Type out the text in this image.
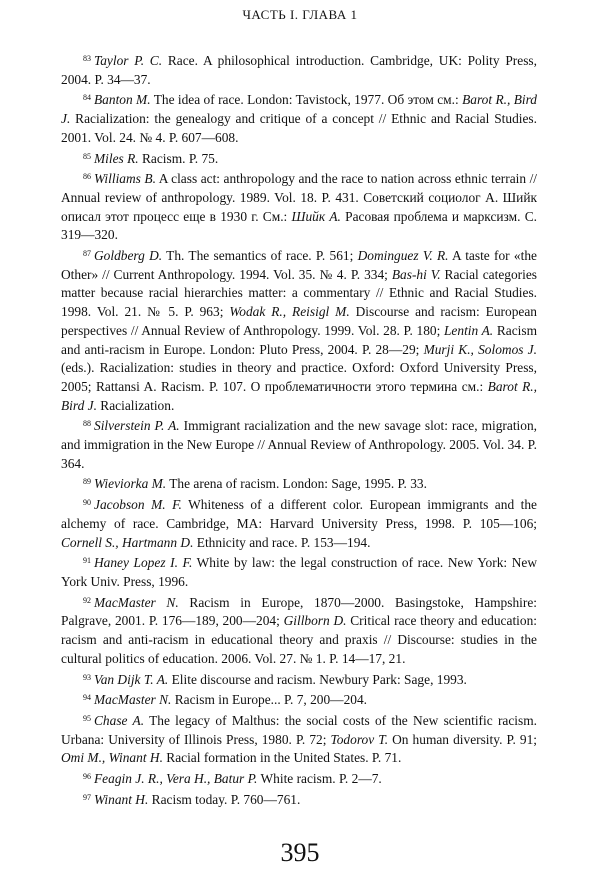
ЧАСТЬ I. ГЛАВА 1

$^{83}$ Taylor P. C. Race. A philosophical introduction. Cambridge, UK: Polity Press, 2004. P. 34—37.

$^{84}$ Banton M. The idea of race. London: Tavistock, 1977. Об этом см.: Barot R., Bird J. Racialization: the genealogy and critique of a concept // Ethnic and Racial Studies. 2001. Vol. 24. № 4. P. 607—608.

$^{85}$ Miles R. Racism. P. 75.

$^{86}$ Williams B. A class act: anthropology and the race to nation across ethnic terrain // Annual review of anthropology. 1989. Vol. 18. P. 431. Советский социолог А. Шийк описал этот процесс еще в 1930 г. См.: Шийк А. Расовая проблема и марксизм. С. 319—320.

$^{87}$ Goldberg D. Th. The semantics of race. P. 561; Dominguez V. R. A taste for «the Other» // Current Anthropology. 1994. Vol. 35. № 4. P. 334; Bas-hi V. Racial categories matter because racial hierarchies matter: a commentary // Ethnic and Racial Studies. 1998. Vol. 21. № 5. P. 963; Wodak R., Reisigl M. Discourse and racism: European perspectives // Annual Review of Anthropology. 1999. Vol. 28. P. 180; Lentin A. Racism and anti-racism in Europe. London: Pluto Press, 2004. P. 28—29; Murji K., Solomos J. (eds.). Racialization: studies in theory and practice. Oxford: Oxford University Press, 2005; Rattansi A. Racism. P. 107. О проблематичности этого термина см.: Barot R., Bird J. Racialization.

$^{88}$ Silverstein P. A. Immigrant racialization and the new savage slot: race, migration, and immigration in the New Europe // Annual Review of Anthropology. 2005. Vol. 34. P. 364.

$^{89}$ Wieviorka M. The arena of racism. London: Sage, 1995. P. 33.

$^{90}$ Jacobson M. F. Whiteness of a different color. European immigrants and the alchemy of race. Cambridge, MA: Harvard University Press, 1998. P. 105—106; Cornell S., Hartmann D. Ethnicity and race. P. 153—194.

$^{91}$ Haney Lopez I. F. White by law: the legal construction of race. New York: New York Univ. Press, 1996.

$^{92}$ MacMaster N. Racism in Europe, 1870—2000. Basingstoke, Hampshire: Palgrave, 2001. P. 176—189, 200—204; Gillborn D. Critical race theory and education: racism and anti-racism in educational theory and praxis // Discourse: studies in the cultural politics of education. 2006. Vol. 27. № 1. P. 14—17, 21.

$^{93}$ Van Dijk T. A. Elite discourse and racism. Newbury Park: Sage, 1993.

$^{94}$ MacMaster N. Racism in Europe... P. 7, 200—204.

$^{95}$ Chase A. The legacy of Malthus: the social costs of the New scientific racism. Urbana: University of Illinois Press, 1980. P. 72; Todorov T. On human diversity. P. 91; Omi M., Winant H. Racial formation in the United States. P. 71.

$^{96}$ Feagin J. R., Vera H., Batur P. White racism. P. 2—7.

$^{97}$ Winant H. Racism today. P. 760—761.

395
